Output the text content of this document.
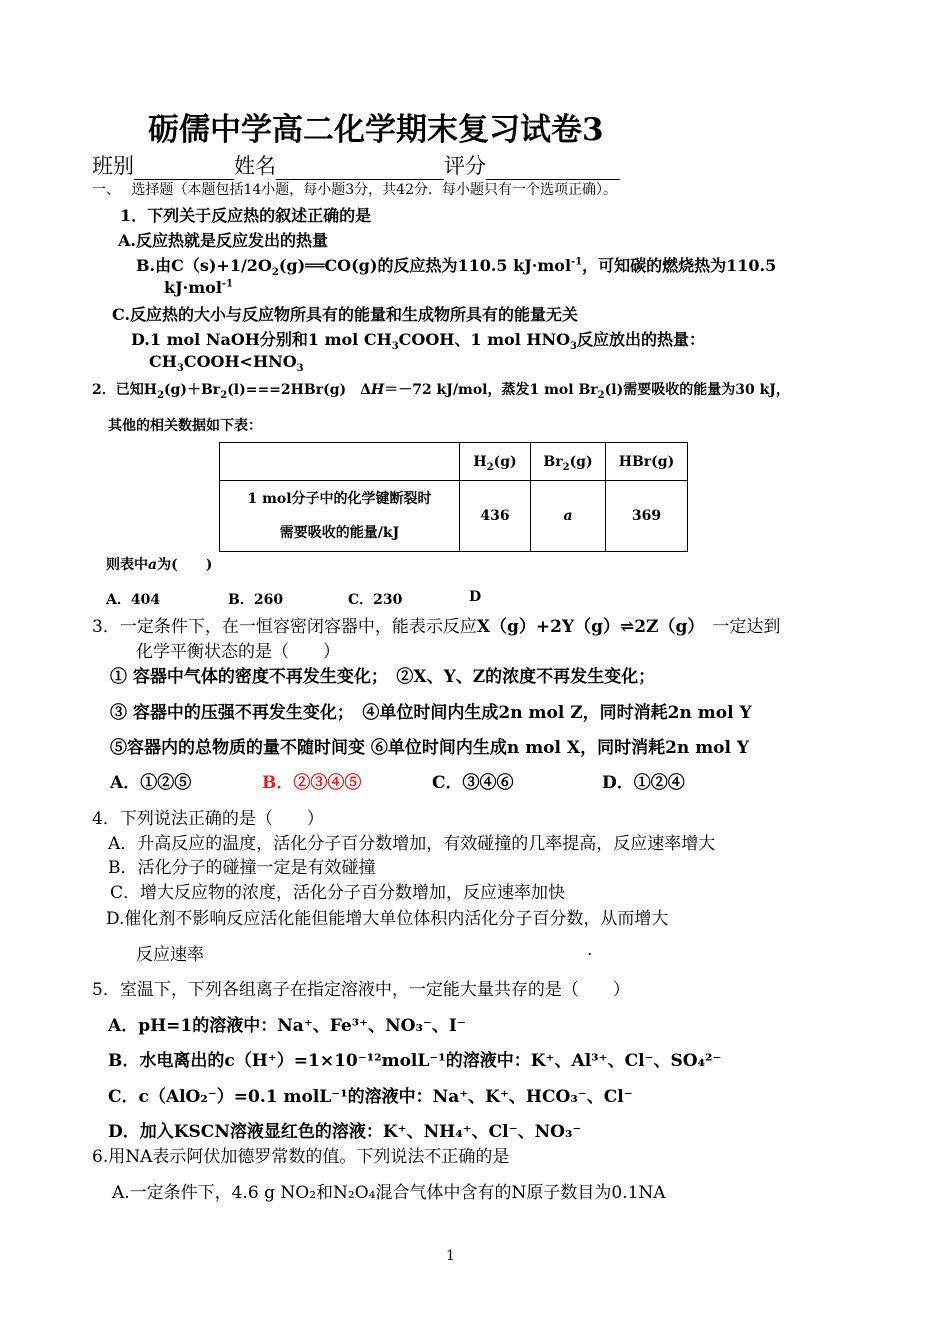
砺儒中学高二化学期末复习试卷3
班别	姓名	评分
一、　 选择题（本题包括14小题，每小题3分，共42分．每小题只有一个选项正确）。
1．下列关于反应热的叙述正确的是
A.反应热就是反应发出的热量
B.由$C(s)+1/2O_2(g)══CO(g)$的反应热为110.5 kJ·mol$^{-1}$，可知碳的燃烧热为110.5
kJ·mol$^{-1}$
C.反应热的大小与反应物所具有的能量和生成物所具有的能量无关
D.1 mol NaOH分别和1 mol $CH_3COOH$、1 mol $HNO_3$反应放出的热量：
$CH_3COOH<HNO_3$
2．已知$H_2(g)+Br_2(l)===2HBr(g)$　ΔH＝－72 kJ/mol，蒸发1 mol $Br_2(l)$需要吸收的能量为30 kJ，
其他的相关数据如下表：
	$H_2(g)$	$Br_2(g)$	HBr(g)

1 mol分子中的化学键断裂时
需要吸收的能量/kJ	436	a	369
则表中a为(　　)
A．404	B．260	C．230	D
3．一定条件下，在一恒容密闭容器中，能表示反应X（g）+2Y（g）⇌2Z（g） 一定达到
化学平衡状态的是（　　）
① 容器中气体的密度不再发生变化；　②X、Y、Z的浓度不再发生变化；
③ 容器中的压强不再发生变化；　④单位时间内生成2n mol Z，同时消耗2n mol Y
⑤容器内的总物质的量不随时间变 ⑥单位时间内生成n mol X，同时消耗2n mol Y
A．①②⑤	B．②③④⑤	C．③④⑥	D．①②④
4．下列说法正确的是（　　）
A．升高反应的温度，活化分子百分数增加，有效碰撞的几率提高，反应速率增大
B．活化分子的碰撞一定是有效碰撞
C．增大反应物的浓度，活化分子百分数增加，反应速率加快
D.催化剂不影响反应活化能但能增大单位体积内活化分子百分数，从而增大
反应速率	.
5．室温下，下列各组离子在指定溶液中，一定能大量共存的是（　　）
A．pH=1的溶液中：Na⁺、Fe³⁺、NO₃⁻、I⁻
B．水电离出的c（H⁺）=1×10⁻¹²molL⁻¹的溶液中：K⁺、Al³⁺、Cl⁻、SO₄²⁻
C．c（AlO₂⁻）=0.1 molL⁻¹的溶液中：Na⁺、K⁺、HCO₃⁻、Cl⁻
D．加入KSCN溶液显红色的溶液：K⁺、NH₄⁺、Cl⁻、NO₃⁻
6.用NA表示阿伏加德罗常数的值。下列说法不正确的是
A.一定条件下，4.6 g NO₂和N₂O₄混合气体中含有的N原子数目为0.1NA
1
